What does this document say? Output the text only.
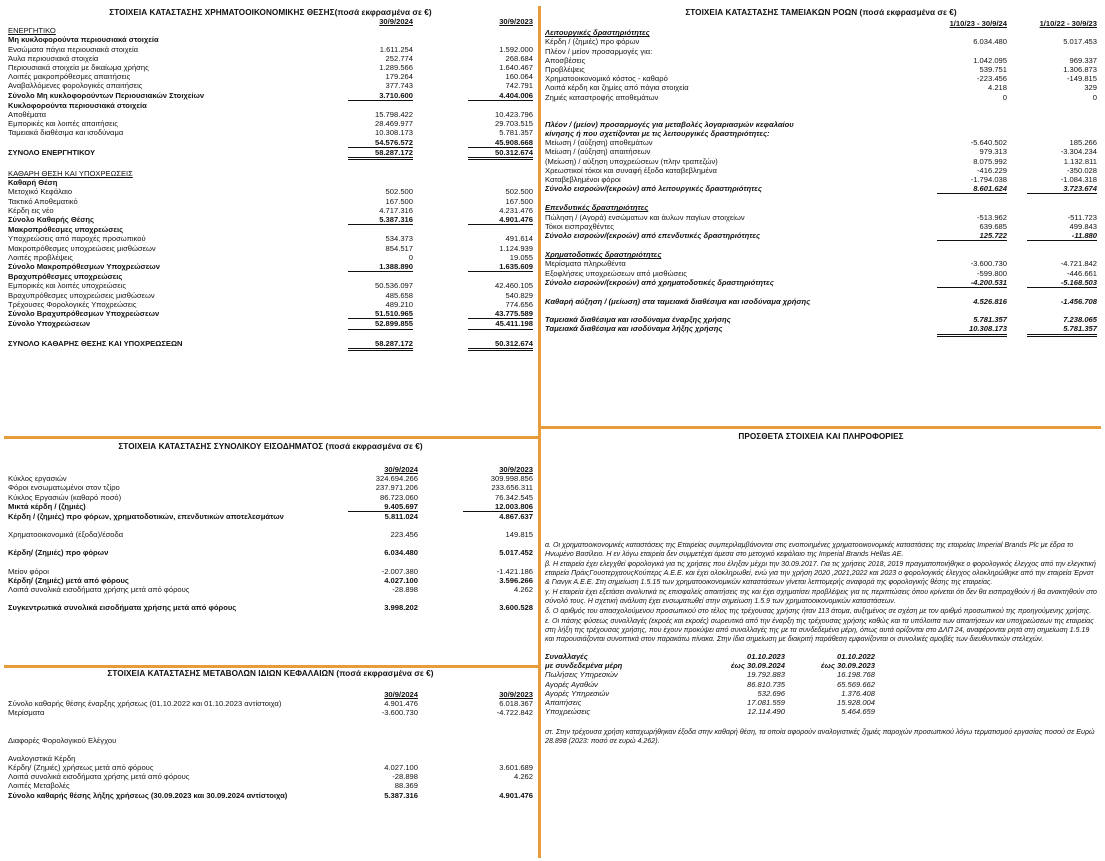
ΣΤΟΙΧΕΙΑ ΚΑΤΑΣΤΑΣΗΣ ΧΡΗΜΑΤΟΟΙΚΟΝΟΜΙΚΗΣ ΘΕΣΗΣ(ποσά εκφρασμένα σε €)
30/9/2024	30/9/2023
ΕΝΕΡΓΗΤΙΚΟ
Μη κυκλοφορούντα περιουσιακά στοιχεία
Ενσώματα πάγια περιουσιακά στοιχεία	1.611.254	1.592.000
Άυλα περιουσιακά στοιχεία	252.774	268.684
Περιουσιακά στοιχεία με δικαίωμα χρήσης	1.289.566	1.640.467
Λοιπές μακροπρόθεσμες απαιτήσεις	179.264	160.064
Αναβαλλόμενες φορολογικές απαιτήσεις	377.743	742.791
Σύνολο Μη κυκλοφορούντων Περιουσιακών Στοιχείων	3.710.600	4.404.006
Κυκλοφορούντα περιουσιακά στοιχεία
Αποθέματα	15.798.422	10.423.796
Εμπορικές και λοιπές απαιτήσεις	28.469.977	29.703.515
Ταμειακά διαθέσιμα και ισοδύναμα	10.308.173	5.781.357
54.576.572	45.908.668
ΣΥΝΟΛΟ ΕΝΕΡΓΗΤΙΚΟΥ	58.287.172	50.312.674
ΚΑΘΑΡΗ ΘΕΣΗ ΚΑΙ ΥΠΟΧΡΕΩΣΕΙΣ
Καθαρή Θέση
Μετοχικό Κεφάλαιο	502.500	502.500
Τακτικό Αποθεματικό	167.500	167.500
Κέρδη εις νέο	4.717.316	4.231.476
Σύνολο Καθαρής Θέσης	5.387.316	4.901.476
Μακροπρόθεσμες υποχρεώσεις
Υποχρεώσεις από παροχές προσωπικού	534.373	491.614
Μακροπρόθεσμες υποχρεώσεις μισθώσεων	854.517	1.124.939
Λοιπές προβλέψεις	0	19.055
Σύνολο Μακροπρόθεσμων Υποχρεώσεων	1.388.890	1.635.609
Βραχυπρόθεσμες υποχρεώσεις
Εμπορικές και λοιπές υποχρεώσεις	50.536.097	42.460.105
Βραχυπρόθεσμες υποχρεώσεις μισθώσεων	485.658	540.829
Τρέχουσες Φορολογικές Υποχρεώσεις	489.210	774.656
Σύνολο Βραχυπρόθεσμων Υποχρεώσεων	51.510.965	43.775.589
Σύνολο Υποχρεώσεων	52.899.855	45.411.198
ΣΥΝΟΛΟ ΚΑΘΑΡΗΣ ΘΕΣΗΣ ΚΑΙ ΥΠΟΧΡΕΩΣΕΩΝ	58.287.172	50.312.674
ΣΤΟΙΧΕΙΑ ΚΑΤΑΣΤΑΣΗΣ ΣΥΝΟΛΙΚΟΥ ΕΙΣΟΔΗΜΑΤΟΣ (ποσά εκφρασμένα σε €)
30/9/2024	30/9/2023
Κύκλος εργασιών	324.694.266	309.998.856
Φόροι ενσωματωμένοι στον τζίρο	237.971.206	233.656.311
Κύκλος Εργασιών (καθαρό ποσό)	86.723.060	76.342.545
Μικτά κέρδη / (ζημιές)	9.405.697	12.003.806
Κέρδη / (ζημιές) προ φόρων, χρηματοδοτικών, επενδυτικών αποτελεσμάτων	5.811.024	4.867.637
Χρηματοοικονομικά (έξοδα)/έσοδα	223.456	149.815
Κέρδη/ (Ζημιές) προ φόρων	6.034.480	5.017.452
Μείον φόροι	-2.007.380	-1.421.186
Κέρδη/ (Ζημιές) μετά από φόρους	4.027.100	3.596.266
Λοιπά συνολικά εισοδήματα χρήσης μετά από φόρους	-28.898	4.262
Συγκεντρωτικά συνολικά εισοδήματα χρήσης μετά από φόρους	3.998.202	3.600.528
ΣΤΟΙΧΕΙΑ ΚΑΤΑΣΤΑΣΗΣ ΜΕΤΑΒΟΛΩΝ ΙΔΙΩΝ ΚΕΦΑΛΑΙΩΝ (ποσά εκφρασμένα σε €)
30/9/2024	30/9/2023
Σύνολο καθαρής θέσης έναρξης χρήσεως (01.10.2022 και 01.10.2023 αντίστοιχα)	4.901.476	6.018.367
Μερίσματα	-3.600.730	-4.722.842
Διαφορές Φορολογικού Ελέγχου
Αναλογιστικά Κέρδη
Κέρδη/ (Ζημιές) χρήσεως μετά από φόρους	4.027.100	3.601.689
Λοιπά συνολικά εισοδήματα χρήσης μετά από φόρους	-28.898	4.262
Λοιπές Μεταβολές	88.369
Σύνολο καθαρής θέσης λήξης χρήσεως (30.09.2023 και 30.09.2024 αντίστοιχα)	5.387.316	4.901.476
ΣΤΟΙΧΕΙΑ ΚΑΤΑΣΤΑΣΗΣ ΤΑΜΕΙΑΚΩΝ ΡΟΩΝ (ποσά εκφρασμένα σε €)
1/10/23 - 30/9/24	1/10/22 - 30/9/23
Λειτουργικές δραστηριότητες
Κέρδη / (ζημιές) προ φόρων	6.034.480	5.017.453
Πλέον / μείον προσαρμογές για:
Αποσβέσεις	1.042.095	969.337
Προβλέψεις	539.751	1.306.873
Χρηματοοικονομικό κόστος - καθαρό	-223.456	-149.815
Λοιπά κέρδη και ζημίες από πάγια στοιχεία	4.218	329
Ζημιές καταστροφής αποθεμάτων	0	0
Πλέον / (μείον) προσαρμογές για μεταβολές λογαριασμών κεφαλαίου
κίνησης ή που σχετίζονται με τις λειτουργικές δραστηριότητες:
Μείωση / (αύξηση) αποθεμάτων	-5.640.502	185.266
Μείωση / (αύξηση) απαιτήσεων	979.313	-3.304.234
(Μείωση) / αύξηση υποχρεώσεων (πλην τραπεζών)	8.075.992	1.132.811
Χρεωστικοί τόκοι και συναφή έξοδα καταβεβλημένα	-416.229	-350.028
Καταβεβλημένοι φόροι	-1.794.038	-1.084.318
Σύνολο εισροών/(εκροών) από λειτουργικές δραστηριότητες	8.601.624	3.723.674
Επενδυτικές δραστηριότητες
Πώληση / (Αγορά) ενσώματων και άυλων παγίων στοιχείων	-513.962	-511.723
Τόκοι εισπραχθέντες	639.685	499.843
Σύνολο εισροών/(εκροών) από επενδυτικές δραστηριότητες	125.722	-11.880
Χρηματοδοτικές δραστηριότητες
Μερίσματα πληρωθέντα	-3.600.730	-4.721.842
Εξοφλήσεις υποχρεώσεων από μισθώσεις	-599.800	-446.661
Σύνολο εισροών/(εκροών) από χρηματοδοτικές δραστηριότητες	-4.200.531	-5.168.503
Καθαρή αύξηση / (μείωση) στα ταμειακά διαθέσιμα και ισοδύναμα χρήσης	4.526.816	-1.456.708
Ταμειακά διαθέσιμα και ισοδύναμα έναρξης χρήσης	5.781.357	7.238.065
Ταμειακά διαθέσιμα και ισοδύναμα λήξης χρήσης	10.308.173	5.781.357
ΠΡΟΣΘΕΤΑ ΣΤΟΙΧΕΙΑ ΚΑΙ ΠΛΗΡΟΦΟΡΙΕΣ

α. Οι χρηματοοικονομικές καταστάσεις της Εταιρείας συμπεριλαμβάνονται στις ενοποιημένες χρηματοοικονομικές καταστάσεις της εταιρείας Imperial Brands Plc με έδρα το Ηνωμένο Βασίλειο. Η εν λόγω εταιρεία δεν συμμετέχει άμεσα στο μετοχικό κεφάλαιο της Imperial Brands Hellas AE.

β. Η εταιρεία έχει ελεγχθεί φορολογικά για τις χρήσεις που έληξαν μέχρι την 30.09.2017. Για τις χρήσεις 2018, 2019 πραγματοποιήθηκε ο φορολογικός έλεγχος από την ελεγκτική εταιρεία ΠράιςΓουοτερχαουςΚούπερς Α.Ε.Ε. και έχει ολοκληρωθεί, ενώ για την χρήση 2020 ,2021,2022 και 2023 ο φορολογικός έλεγχος ολοκληρώθηκε από την εταιρεία Έρνστ & Γιανγκ Α.Ε.Ε. Στη σημείωση 1.5.15 των χρηματοοικονομικών καταστάσεων γίνεται λεπτομερής αναφορά της φορολογικής θέσης της εταιρείας.

γ. Η εταιρεία έχει εξετάσει αναλυτικά τις επισφαλείς απαιτήσεις της και έχει σχηματίσει προβλέψεις για τις περιπτώσεις όπου κρίνεται ότι δεν θα εισπραχθούν ή θα ανακτηθούν στο σύνολό τους. Η σχετική ανάλυση έχει ενσωματωθεί στην σημείωση 1.5.9 των χρηματοοικονομικών καταστάσεων.

δ. Ο αριθμός του απασχολούμενου προσωπικού στο τέλος της τρέχουσας χρήσης ήταν 113 άτομα, αυξημένος σε σχέση με τον αριθμό προσωπικού της προηγούμενης χρήσης.

ε. Οι πάσης φύσεως συναλλαγές (εκροές και εκροές) σωρευτικά από την έναρξη της τρέχουσας χρήσης καθώς και τα υπόλοιπα των απαιτήσεων και υποχρεώσεων της εταιρείας στη λήξη της τρέχουσας χρήσης, που έχουν προκύψει από συναλλαγές της με τα συνδεδεμένα μέρη, όπως αυτά ορίζονται στο ΔΛΠ 24, αναφέρονται ρητά στη σημείωση 1.5.19 και παρουσιάζονται συνοπτικά στον παρακάτω πίνακα. Στην ίδια σημείωση με διακριτή παράθεση εμφανίζονται οι συνολικές αμοιβές των διευθυντικών στελεχών.

Συναλλαγές	01.10.2023	01.10.2022
με συνδεδεμένα μέρη	έως 30.09.2024	έως 30.09.2023
Πωλήσεις Υπηρεσιών	19.792.883	16.198.768
Αγορές Αγαθών	86.810.735	65.569.662
Αγορές Υπηρεσιών	532.696	1.376.408
Απαιτήσεις	17.081.559	15.928.004
Υποχρεώσεις	12.114.490	5.464.659
στ. Στην τρέχουσα χρήση καταχωρήθηκαν έξοδα στην καθαρή θέση, τα οποία αφορούν αναλογιστικές ζημιές παροχών προσωπικού λόγω τερματισμού εργασίας ποσού σε Ευρώ 28.898 (2023: ποσό σε ευρώ 4.262).
